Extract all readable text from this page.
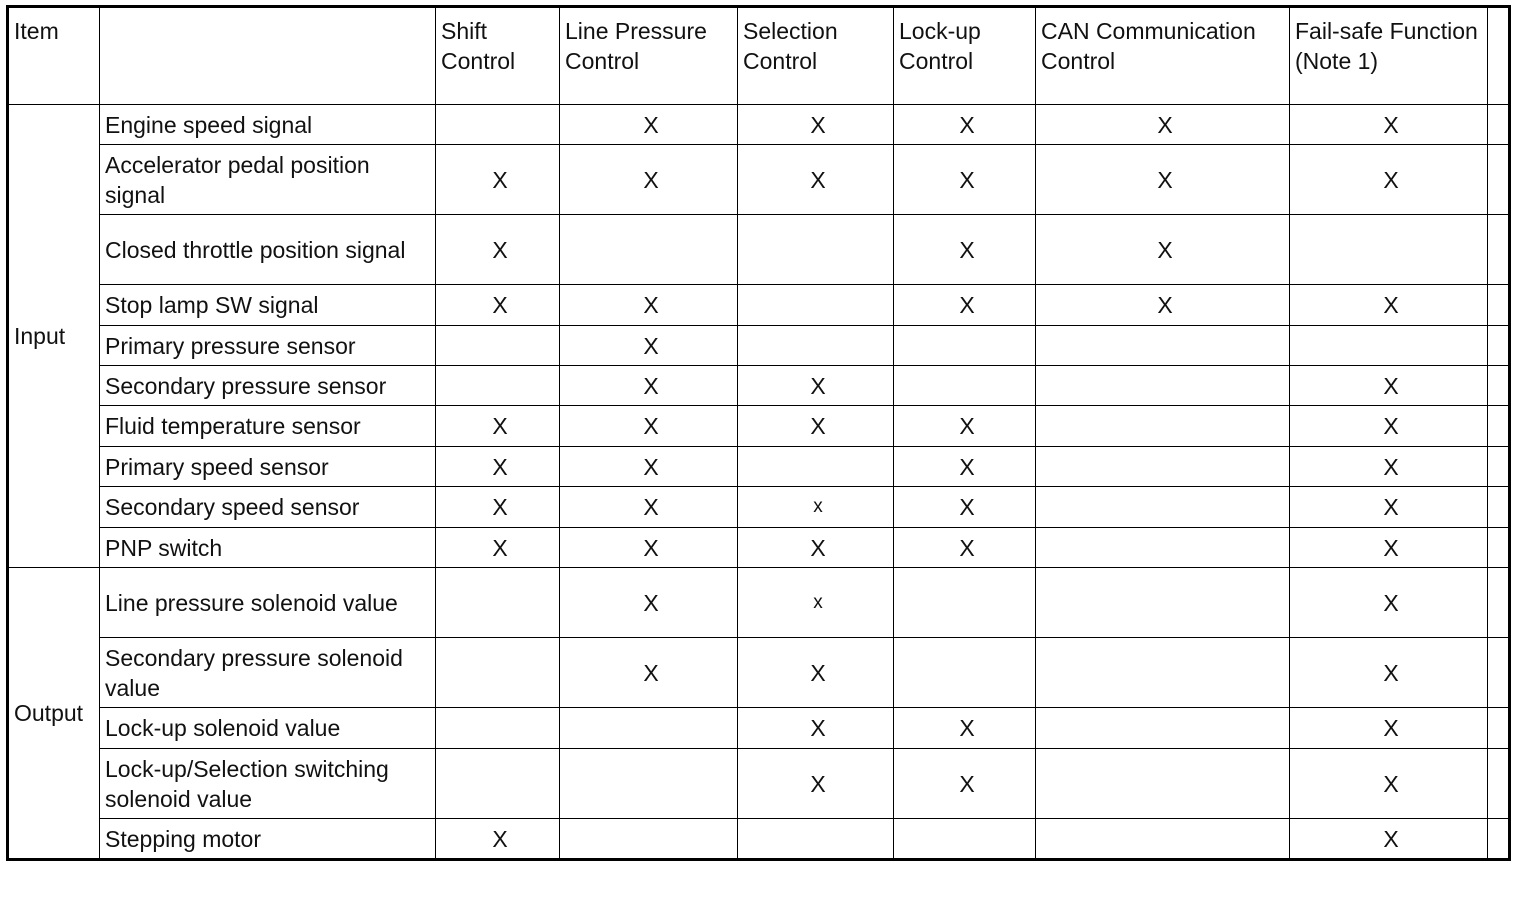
Item		Shift Control	Line Pressure Control	Selection Control	Lock-up Control	CAN Communication Control	Fail-safe Function (Note 1)	
Input	Engine speed signal		X	X	X	X	X	
	Accelerator pedal position signal	X	X	X	X	X	X	
	Closed throttle position signal	X			X	X		
	Stop lamp SW signal	X	X		X	X	X	
	Primary pressure sensor		X					
	Secondary pressure sensor		X	X			X	
	Fluid temperature sensor	X	X	X	X		X	
	Primary speed sensor	X	X		X		X	
	Secondary speed sensor	X	X	x	X		X	
	PNP switch	X	X	X	X		X	
Output	Line pressure solenoid value		X	x			X	
	Secondary pressure solenoid value		X	X			X	
	Lock-up solenoid value			X	X		X	
	Lock-up/Selection switching solenoid value			X	X		X	
	Stepping motor	X					X	
